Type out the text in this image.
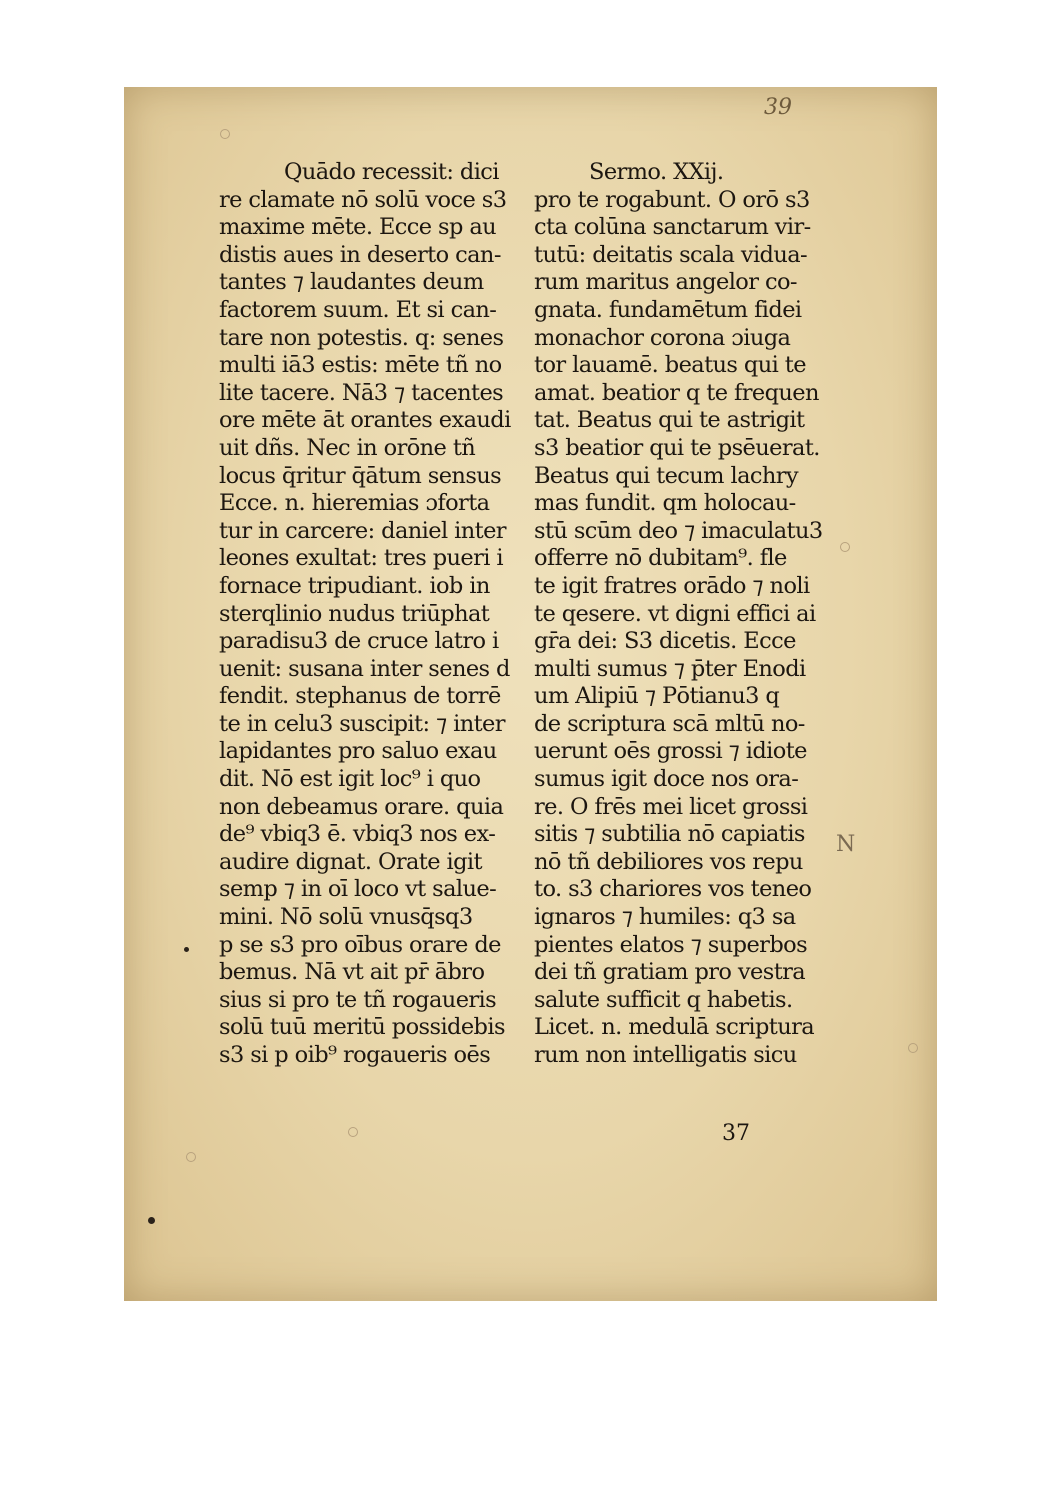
39
Quādo recessit: dici
re clamate nō solū voce s3
maxime mēte. Ecce sp au
distis aues in deserto can-
tantes ⁊ laudantes deum
factorem suum. Et si can-
tare non potestis. q: senes
multi iā3 estis: mēte tñ no
lite tacere. Nā3 ⁊ tacentes
ore mēte āt orantes exaudi
uit dñs. Nec in orōne tñ
locus q̄ritur q̄ātum sensus
Ecce. n. hieremias ɔforta
tur in carcere: daniel inter
leones exultat: tres pueri i
fornace tripudiant. iob in
sterqlinio nudus triūphat
paradisu3 de cruce latro i
uenit: susana inter senes d
fendit. stephanus de torrē
te in celu3 suscipit: ⁊ inter
lapidantes pro saluo exau
dit. Nō est igit loc⁹ i quo
non debeamus orare. quia
de⁹ vbiq3 ē. vbiq3 nos ex-
audire dignat. Orate igit
semp ⁊ in oī loco vt salue-
mini. Nō solū vnusq̄sq3
p se s3 pro oībus orare de
bemus. Nā vt ait pr̄ ābro
sius si pro te tñ rogaueris
solū tuū meritū possidebis
s3 si p oib⁹ rogaueris oēs
Sermo. XXij.
pro te rogabunt. O orō s3
cta colūna sanctarum vir-
tutū: deitatis scala vidua-
rum maritus angelor co-
gnata. fundamētum fidei
monachor corona ɔiuga
tor lauamē. beatus qui te
amat. beatior q te frequen
tat. Beatus qui te astrigit
s3 beatior qui te psēuerat.
Beatus qui tecum lachry
mas fundit. qm holocau-
stū scūm deo ⁊ imaculatu3
offerre nō dubitam⁹. fle
te igit fratres orādo ⁊ noli
te qesere. vt digni effici ai
gr̄a dei: S3 dicetis. Ecce
multi sumus ⁊ p̄ter Enodi
um Alipiū ⁊ Pōtianu3 q
de scriptura scā mltū no-
uerunt oēs grossi ⁊ idiote
sumus igit doce nos ora-
re. O frēs mei licet grossi
sitis ⁊ subtilia nō capiatis
nō tñ debiliores vos repu
to. s3 chariores vos teneo
ignaros ⁊ humiles: q3 sa
pientes elatos ⁊ superbos
dei tñ gratiam pro vestra
salute sufficit q habetis.
Licet. n. medulā scriptura
rum non intelligatis sicu
37
N
